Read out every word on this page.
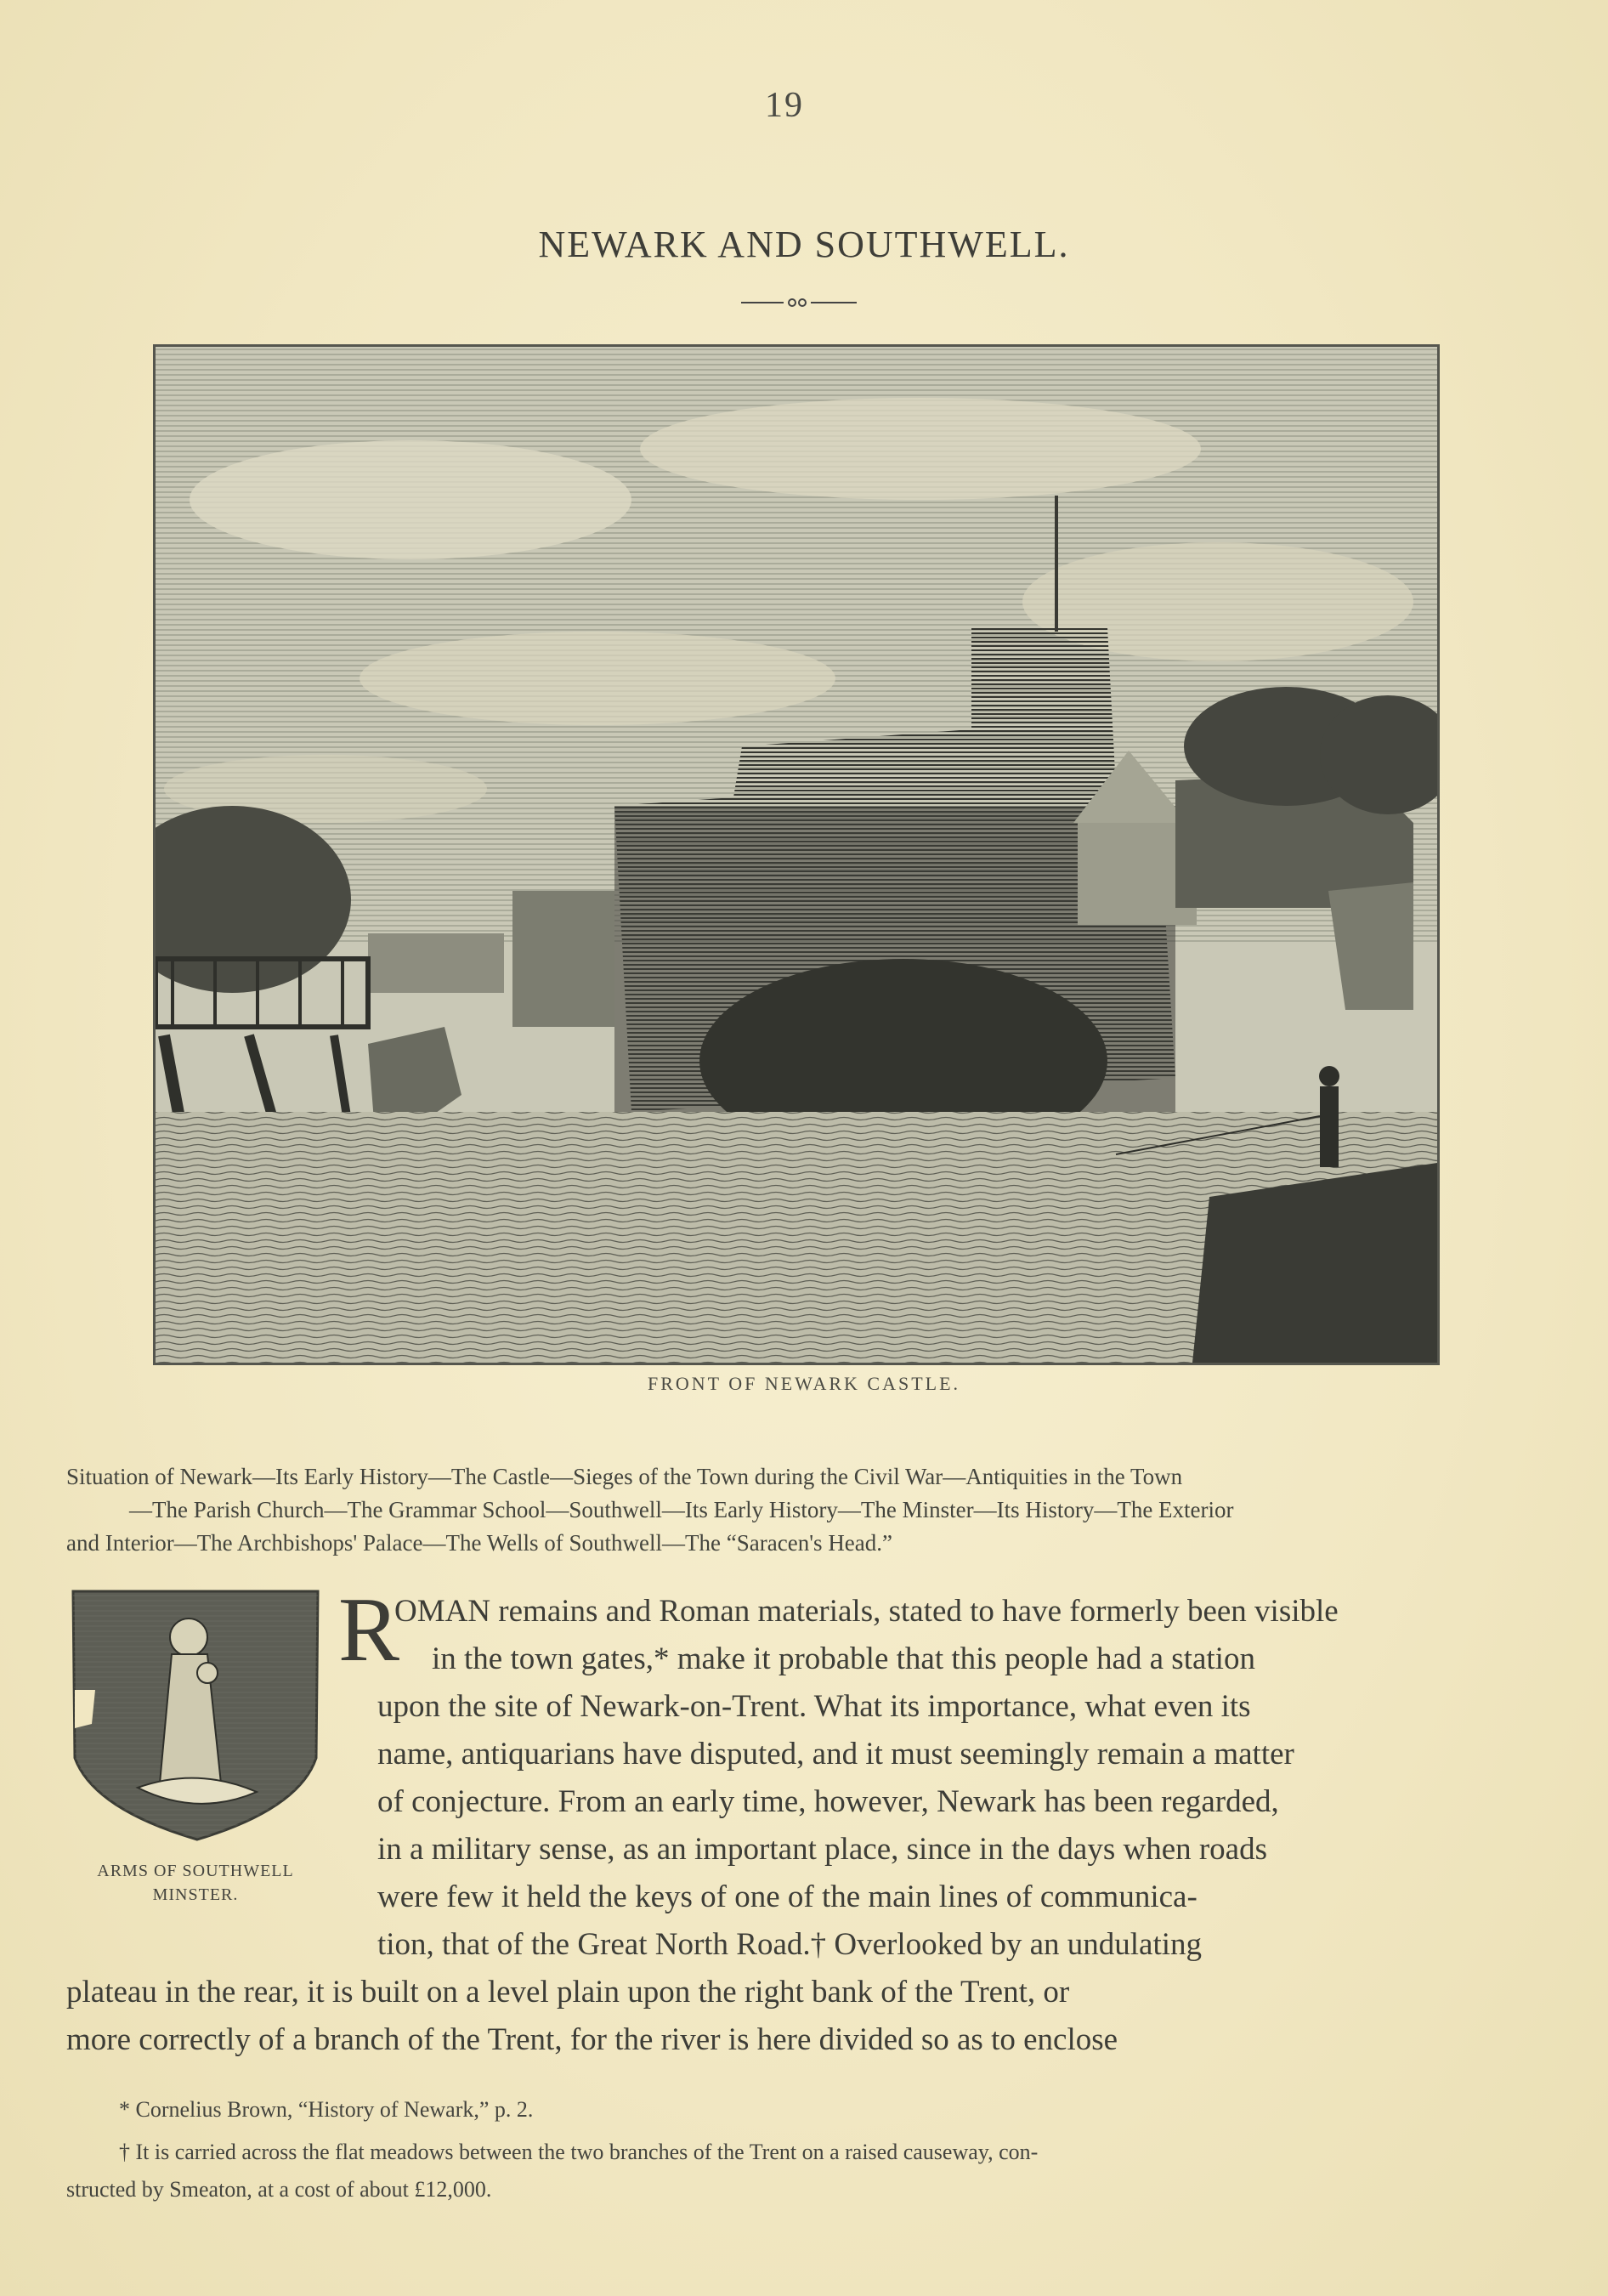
19
NEWARK AND SOUTHWELL.
FRONT OF NEWARK CASTLE.
Situation of Newark—Its Early History—The Castle—Sieges of the Town during the Civil War—Antiquities in the Town
—The Parish Church—The Grammar School—Southwell—Its Early History—The Minster—Its History—The Exterior
and Interior—The Archbishops' Palace—The Wells of Southwell—The “Saracen's Head.”
ARMS OF SOUTHWELL
MINSTER.
R
OMAN remains and Roman materials, stated to have formerly been visible
in the town gates,* make it probable that this people had a station
upon the site of Newark-on-Trent. What its importance, what even its
name, antiquarians have disputed, and it must seemingly remain a matter
of conjecture. From an early time, however, Newark has been regarded,
in a military sense, as an important place, since in the days when roads
were few it held the keys of one of the main lines of communica-
tion, that of the Great North Road.† Overlooked by an undulating
plateau in the rear, it is built on a level plain upon the right bank of the Trent, or
more correctly of a branch of the Trent, for the river is here divided so as to enclose
* Cornelius Brown, “History of Newark,” p. 2.
† It is carried across the flat meadows between the two branches of the Trent on a raised causeway, con-
structed by Smeaton, at a cost of about £12,000.
